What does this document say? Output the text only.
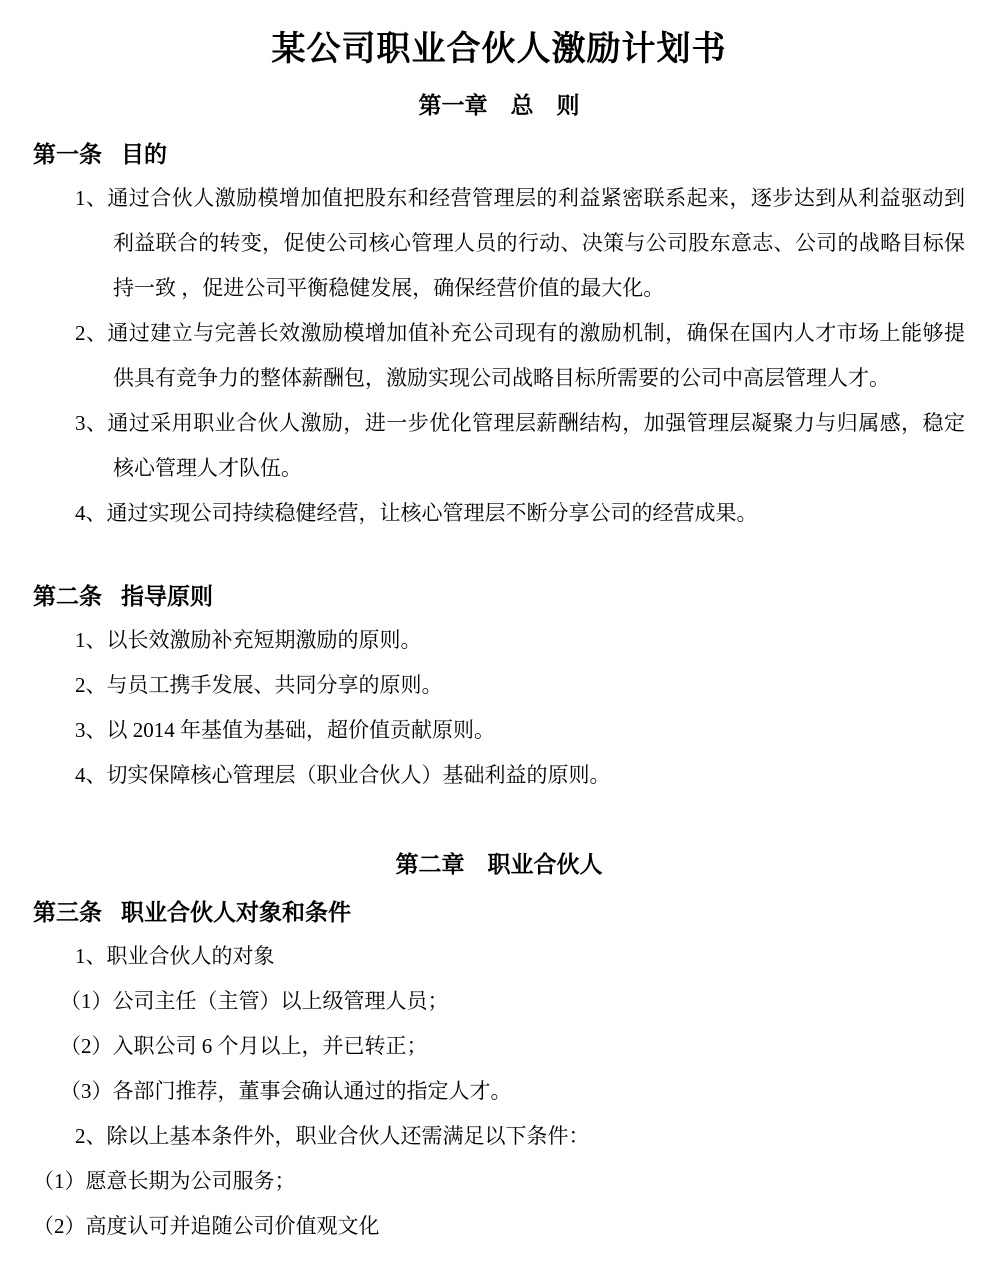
某公司职业合伙人激励计划书
第一章　总　则
第一条 目的

1、通过合伙人激励模增加值把股东和经营管理层的利益紧密联系起来，逐步达到从利益驱动到利益联合的转变，促使公司核心管理人员的行动、决策与公司股东意志、公司的战略目标保持一致 ，促进公司平衡稳健发展，确保经营价值的最大化。

2、通过建立与完善长效激励模增加值补充公司现有的激励机制，确保在国内人才市场上能够提供具有竞争力的整体薪酬包，激励实现公司战略目标所需要的公司中高层管理人才。

3、通过采用职业合伙人激励，进一步优化管理层薪酬结构，加强管理层凝聚力与归属感，稳定核心管理人才队伍。

4、通过实现公司持续稳健经营，让核心管理层不断分享公司的经营成果。

第二条 指导原则

1、以长效激励补充短期激励的原则。

2、与员工携手发展、共同分享的原则。

3、以 2014 年基值为基础，超价值贡献原则。

4、切实保障核心管理层（职业合伙人）基础利益的原则。

第二章　职业合伙人
第三条 职业合伙人对象和条件

1、职业合伙人的对象

（1）公司主任（主管）以上级管理人员；

（2）入职公司 6 个月以上，并已转正；

（3）各部门推荐，董事会确认通过的指定人才。

2、除以上基本条件外，职业合伙人还需满足以下条件：

（1）愿意长期为公司服务；

（2）高度认可并追随公司价值观文化
